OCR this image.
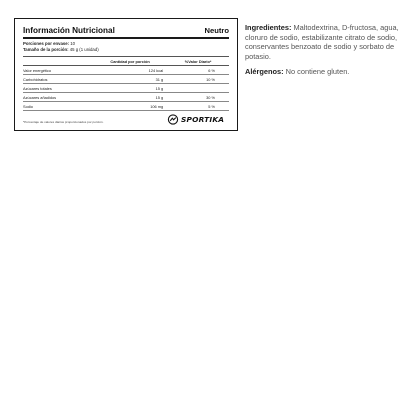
Información Nutricional	Neutro
Porciones por envase: 10
Tamaño de la porción: 45 g (1 unidad)
	Cantidad por porción		%Valor Diario*
Valor energético		124 kcal	6 %
Carbohidratos		31 g	10 %
Azúcares totales		15 g	
Azúcares añadidos		15 g	30 %
Sodio		106 mg	5 %
*Porcentaje de valores diarios proporcionados por porción.	SPORTIKA
Ingredientes: Maltodextrina, D-fructosa, agua, cloruro de sodio, estabilizante citrato de sodio, conservantes benzoato de sodio y sorbato de potasio.
Alérgenos: No contiene gluten.
